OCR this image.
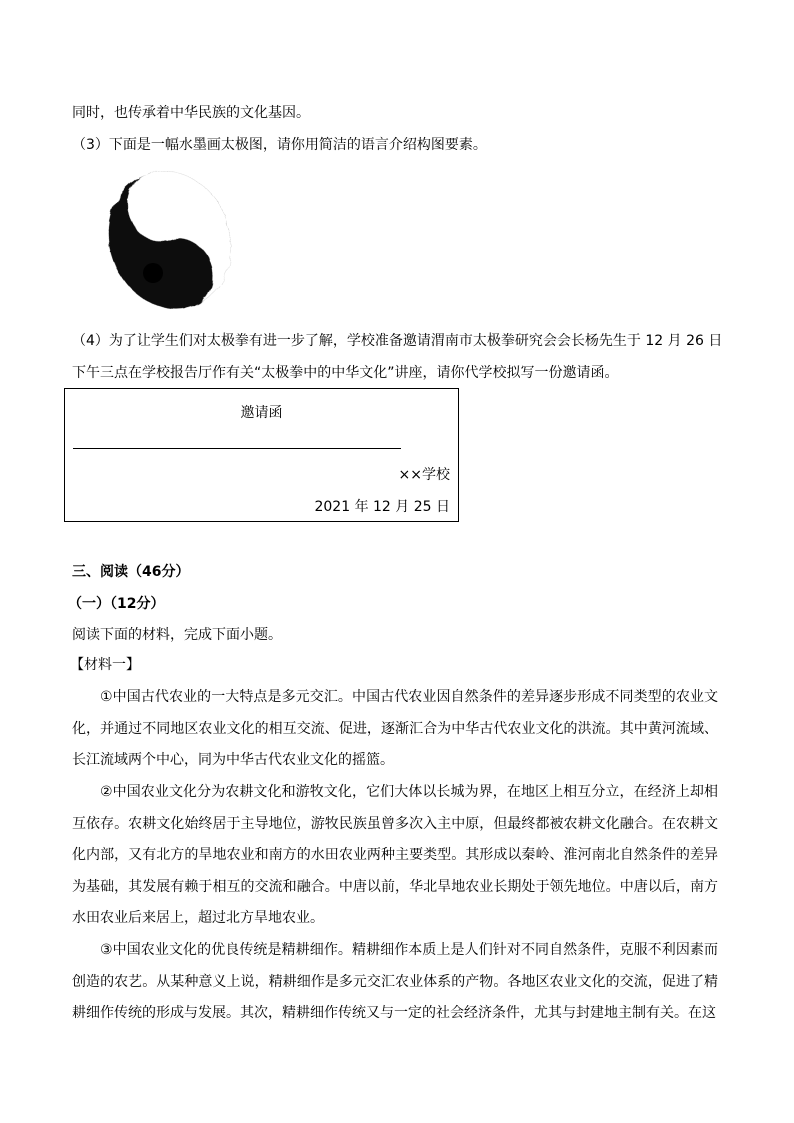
同时，也传承着中华民族的文化基因。
（3）下面是一幅水墨画太极图，请你用简洁的语言介绍构图要素。
（4）为了让学生们对太极拳有进一步了解，学校准备邀请渭南市太极拳研究会会长杨先生于 12 月 26 日
下午三点在学校报告厅作有关“太极拳中的中华文化”讲座，请你代学校拟写一份邀请函。
邀请函
××学校
2021 年 12 月 25 日
三、阅读（46分）
（一）（12分）
阅读下面的材料，完成下面小题。
【材料一】
①中国古代农业的一大特点是多元交汇。中国古代农业因自然条件的差异逐步形成不同类型的农业文化，并通过不同地区农业文化的相互交流、促进，逐渐汇合为中华古代农业文化的洪流。其中黄河流域、长江流域两个中心，同为中华古代农业文化的摇篮。
②中国农业文化分为农耕文化和游牧文化，它们大体以长城为界，在地区上相互分立，在经济上却相互依存。农耕文化始终居于主导地位，游牧民族虽曾多次入主中原，但最终都被农耕文化融合。在农耕文化内部，又有北方的旱地农业和南方的水田农业两种主要类型。其形成以秦岭、淮河南北自然条件的差异为基础，其发展有赖于相互的交流和融合。中唐以前，华北旱地农业长期处于领先地位。中唐以后，南方水田农业后来居上，超过北方旱地农业。
③中国农业文化的优良传统是精耕细作。精耕细作本质上是人们针对不同自然条件，克服不利因素而创造的农艺。从某种意义上说，精耕细作是多元交汇农业体系的产物。各地区农业文化的交流，促进了精耕细作传统的形成与发展。其次，精耕细作传统又与一定的社会经济条件，尤其与封建地主制有关。在这
